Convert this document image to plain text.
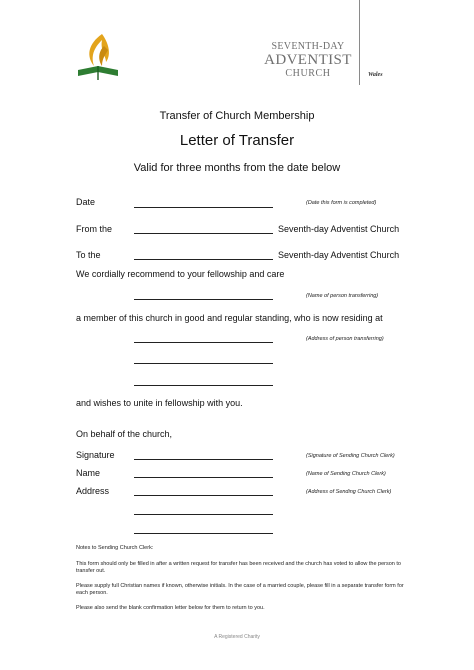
SEVENTH-DAY
ADVENTIST
CHURCH	Wales
Transfer of Church Membership
Letter of Transfer
Valid for three months from the date below
Date	(Date this form is completed)
From the	Seventh-day Adventist Church
To the	Seventh-day Adventist Church
We cordially recommend to your fellowship and care
(Name of person transferring)
a member of this church in good and regular standing, who is now residing at
(Address of person transferring)
and wishes to unite in fellowship with you.
On behalf of the church,
Signature	(Signature of Sending Church Clerk)
Name	(Name of Sending Church Clerk)
Address	(Address of Sending Church Clerk)
Notes to Sending Church Clerk:
This form should only be filled in after a written request for transfer has been received and the church has voted to allow the person to transfer out.
Please supply full Christian names if known, otherwise initials. In the case of a married couple, please fill in a separate transfer form for each person.
Please also send the blank confirmation letter below for them to return to you.
A Registered Charity
